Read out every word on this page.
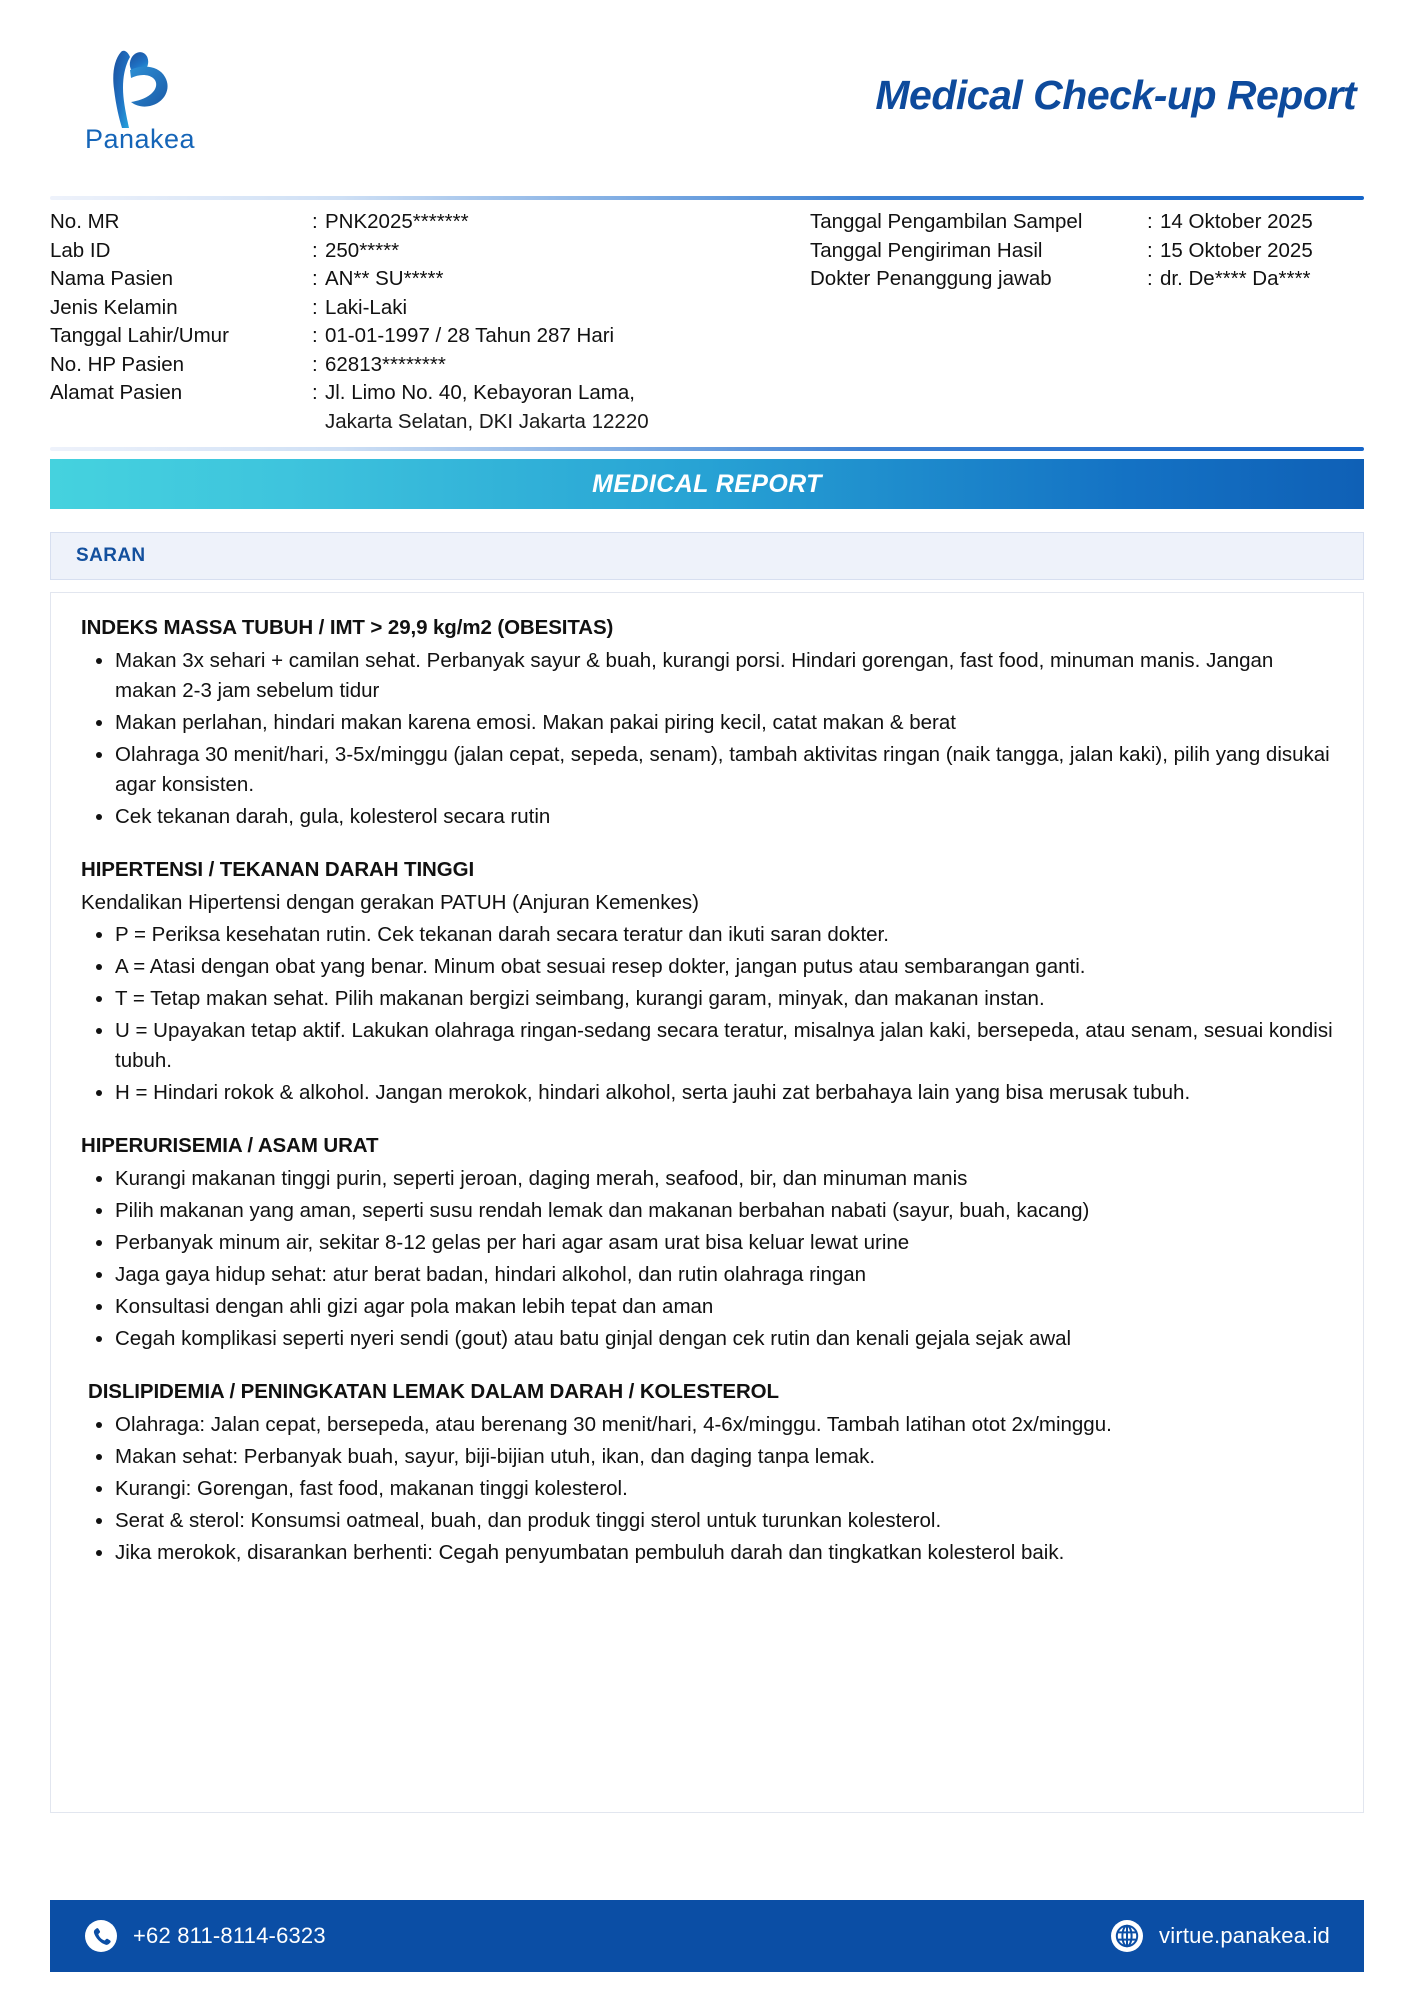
Panakea
Medical Check-up Report
No. MR	: PNK2025*******
Lab ID	: 250*****
Nama Pasien	: AN** SU*****
Jenis Kelamin	: Laki-Laki
Tanggal Lahir/Umur	: 01-01-1997 / 28 Tahun 287 Hari
No. HP Pasien	: 62813********
Alamat Pasien	: Jl. Limo No. 40, Kebayoran Lama,
Jakarta Selatan, DKI Jakarta 12220
Tanggal Pengambilan Sampel	: 14 Oktober 2025
Tanggal Pengiriman Hasil	: 15 Oktober 2025
Dokter Penanggung jawab	: dr. De**** Da****
MEDICAL REPORT
SARAN
INDEKS MASSA TUBUH / IMT > 29,9 kg/m2 (OBESITAS)
Makan 3x sehari + camilan sehat. Perbanyak sayur & buah, kurangi porsi. Hindari gorengan, fast food, minuman manis. Jangan makan 2-3 jam sebelum tidur
Makan perlahan, hindari makan karena emosi. Makan pakai piring kecil, catat makan & berat
Olahraga 30 menit/hari, 3-5x/minggu (jalan cepat, sepeda, senam), tambah aktivitas ringan (naik tangga, jalan kaki), pilih yang disukai agar konsisten.
Cek tekanan darah, gula, kolesterol secara rutin
HIPERTENSI / TEKANAN DARAH TINGGI
Kendalikan Hipertensi dengan gerakan PATUH (Anjuran Kemenkes)
P = Periksa kesehatan rutin. Cek tekanan darah secara teratur dan ikuti saran dokter.
A = Atasi dengan obat yang benar. Minum obat sesuai resep dokter, jangan putus atau sembarangan ganti.
T = Tetap makan sehat. Pilih makanan bergizi seimbang, kurangi garam, minyak, dan makanan instan.
U = Upayakan tetap aktif. Lakukan olahraga ringan-sedang secara teratur, misalnya jalan kaki, bersepeda, atau senam, sesuai kondisi tubuh.
H = Hindari rokok & alkohol. Jangan merokok, hindari alkohol, serta jauhi zat berbahaya lain yang bisa merusak tubuh.
HIPERURISEMIA / ASAM URAT
Kurangi makanan tinggi purin, seperti jeroan, daging merah, seafood, bir, dan minuman manis
Pilih makanan yang aman, seperti susu rendah lemak dan makanan berbahan nabati (sayur, buah, kacang)
Perbanyak minum air, sekitar 8-12 gelas per hari agar asam urat bisa keluar lewat urine
Jaga gaya hidup sehat: atur berat badan, hindari alkohol, dan rutin olahraga ringan
Konsultasi dengan ahli gizi agar pola makan lebih tepat dan aman
Cegah komplikasi seperti nyeri sendi (gout) atau batu ginjal dengan cek rutin dan kenali gejala sejak awal
DISLIPIDEMIA / PENINGKATAN LEMAK DALAM DARAH / KOLESTEROL
Olahraga: Jalan cepat, bersepeda, atau berenang 30 menit/hari, 4-6x/minggu. Tambah latihan otot 2x/minggu.
Makan sehat: Perbanyak buah, sayur, biji-bijian utuh, ikan, dan daging tanpa lemak.
Kurangi: Gorengan, fast food, makanan tinggi kolesterol.
Serat & sterol: Konsumsi oatmeal, buah, dan produk tinggi sterol untuk turunkan kolesterol.
Jika merokok, disarankan berhenti: Cegah penyumbatan pembuluh darah dan tingkatkan kolesterol baik.
+62 811-8114-6323	virtue.panakea.id
